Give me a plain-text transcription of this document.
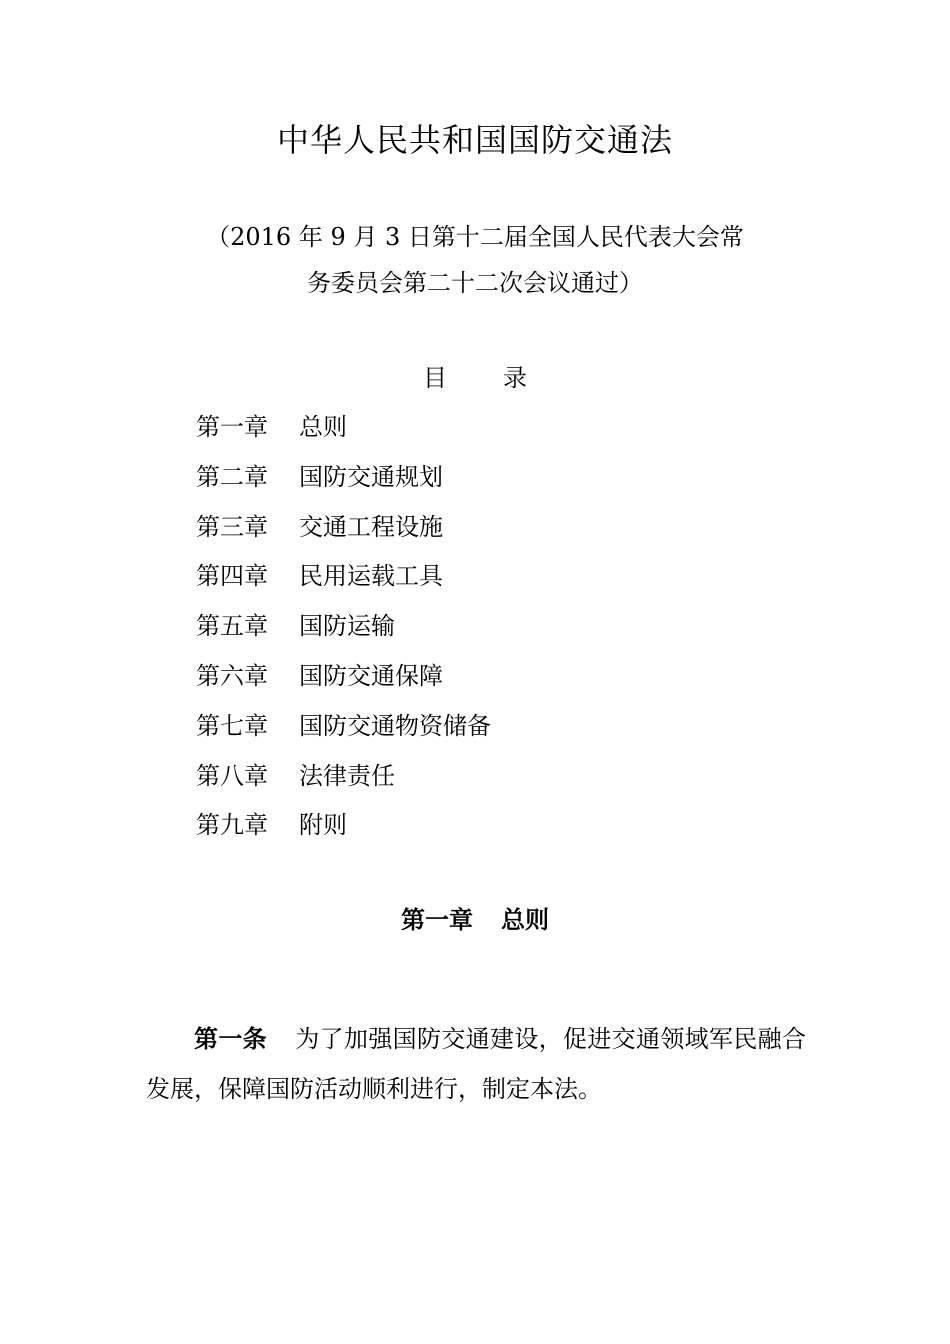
中华人民共和国国防交通法
（2016 年 9 月 3 日第十二届全国人民代表大会常
务委员会第二十二次会议通过）
目 录
第一章 总则
第二章 国防交通规划
第三章 交通工程设施
第四章 民用运载工具
第五章 国防运输
第六章 国防交通保障
第七章 国防交通物资储备
第八章 法律责任
第九章 附则
第一章 总则

第一条 为了加强国防交通建设，促进交通领域军民融合发展，保障国防活动顺利进行，制定本法。
